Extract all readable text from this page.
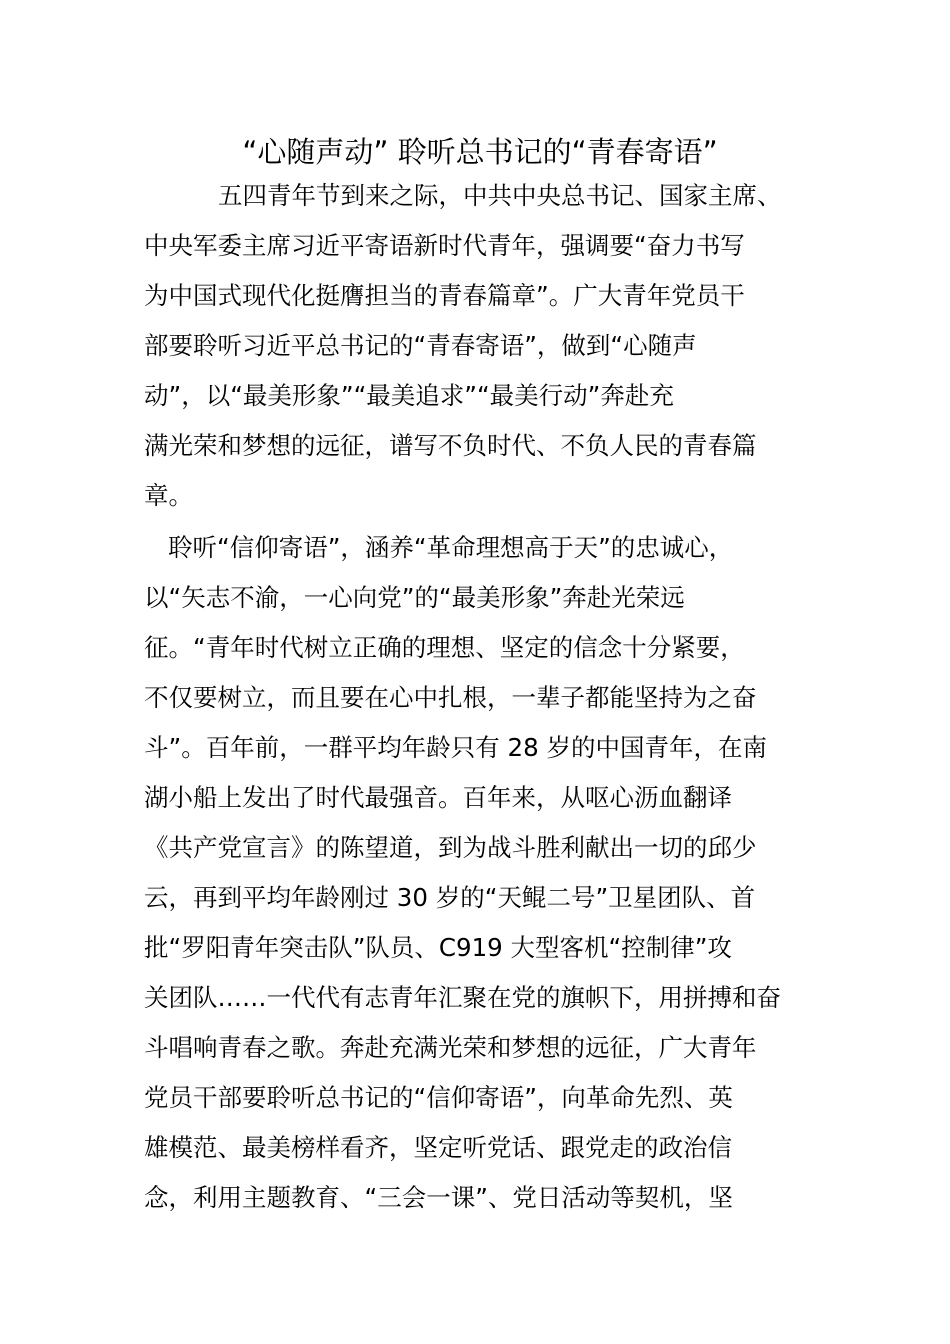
“心随声动” 聆听总书记的“青春寄语”
五四青年节到来之际，中共中央总书记、国家主席、
中央军委主席习近平寄语新时代青年，强调要“奋力书写
为中国式现代化挺膺担当的青春篇章”。广大青年党员干
部要聆听习近平总书记的“青春寄语”，做到“心随声
动”，以“最美形象”“最美追求”“最美行动”奔赴充
满光荣和梦想的远征，谱写不负时代、不负人民的青春篇
章。
聆听“信仰寄语”，涵养“革命理想高于天”的忠诚心，
以“矢志不渝，一心向党”的“最美形象”奔赴光荣远
征。“青年时代树立正确的理想、坚定的信念十分紧要，
不仅要树立，而且要在心中扎根，一辈子都能坚持为之奋
斗”。百年前，一群平均年龄只有 28 岁的中国青年，在南
湖小船上发出了时代最强音。百年来，从呕心沥血翻译
《共产党宣言》的陈望道，到为战斗胜利献出一切的邱少
云，再到平均年龄刚过 30 岁的“天鲲二号”卫星团队、首
批“罗阳青年突击队”队员、C919 大型客机“控制律”攻
关团队……一代代有志青年汇聚在党的旗帜下，用拼搏和奋
斗唱响青春之歌。奔赴充满光荣和梦想的远征，广大青年
党员干部要聆听总书记的“信仰寄语”，向革命先烈、英
雄模范、最美榜样看齐，坚定听党话、跟党走的政治信
念，利用主题教育、“三会一课”、党日活动等契机，坚
